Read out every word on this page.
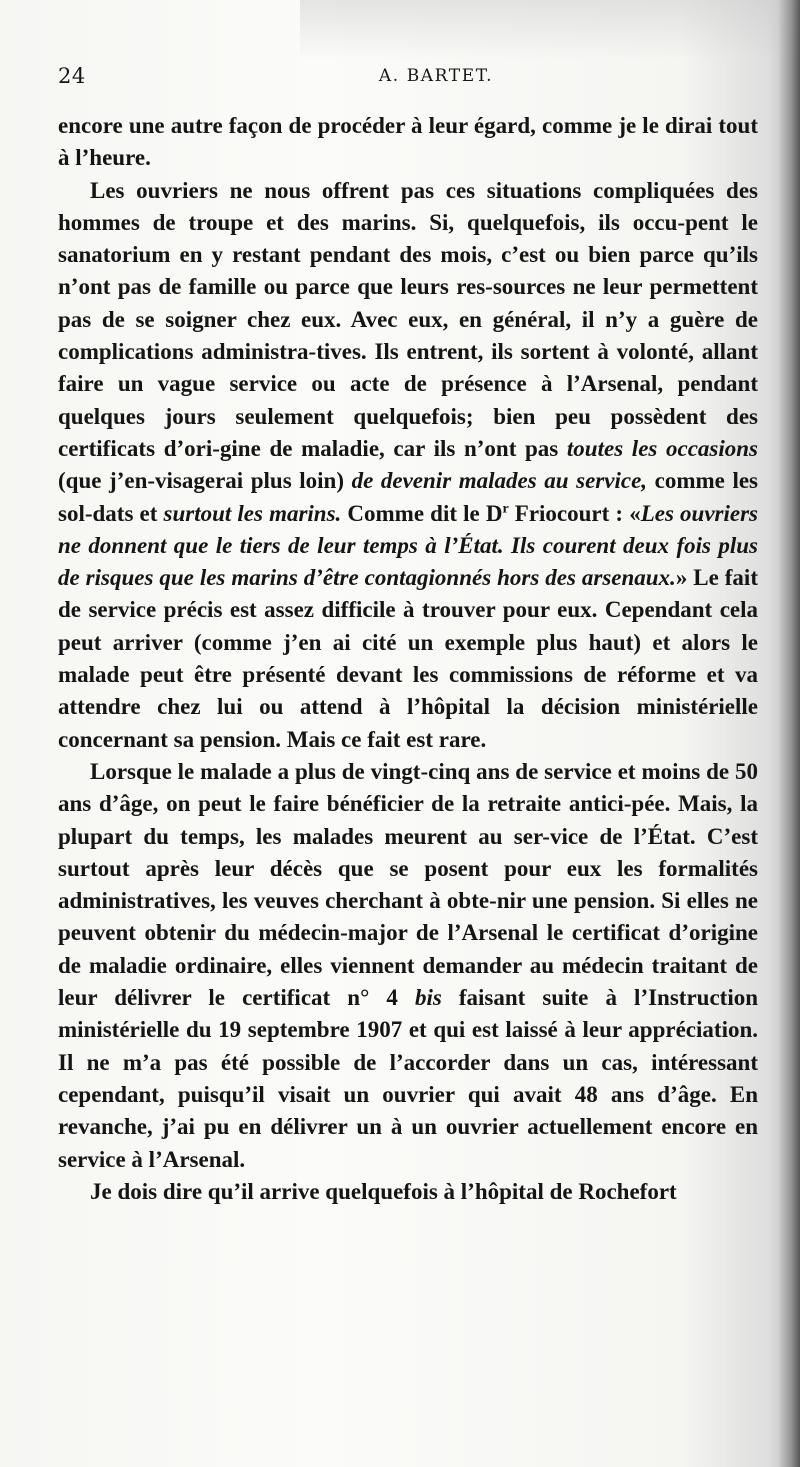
24	A. BARTET.

encore une autre façon de procéder à leur égard, comme je le dirai tout à l’heure.

Les ouvriers ne nous offrent pas ces situations compliquées des hommes de troupe et des marins. Si, quelquefois, ils occu-pent le sanatorium en y restant pendant des mois, c’est ou bien parce qu’ils n’ont pas de famille ou parce que leurs res-sources ne leur permettent pas de se soigner chez eux. Avec eux, en général, il n’y a guère de complications administra-tives. Ils entrent, ils sortent à volonté, allant faire un vague service ou acte de présence à l’Arsenal, pendant quelques jours seulement quelquefois; bien peu possèdent des certificats d’ori-gine de maladie, car ils n’ont pas toutes les occasions (que j’en-visagerai plus loin) de devenir malades au service, comme les sol-dats et surtout les marins. Comme dit le $D^r$ Friocourt : «Les ouvriers ne donnent que le tiers de leur temps à l’État. Ils courent deux fois plus de risques que les marins d’être contagionnés hors des arsenaux.» Le fait de service précis est assez difficile à trouver pour eux. Cependant cela peut arriver (comme j’en ai cité un exemple plus haut) et alors le malade peut être présenté devant les commissions de réforme et va attendre chez lui ou attend à l’hôpital la décision ministérielle concernant sa pension. Mais ce fait est rare.

Lorsque le malade a plus de vingt-cinq ans de service et moins de 50 ans d’âge, on peut le faire bénéficier de la retraite antici-pée. Mais, la plupart du temps, les malades meurent au ser-vice de l’État. C’est surtout après leur décès que se posent pour eux les formalités administratives, les veuves cherchant à obte-nir une pension. Si elles ne peuvent obtenir du médecin-major de l’Arsenal le certificat d’origine de maladie ordinaire, elles viennent demander au médecin traitant de leur délivrer le certificat n° 4 bis faisant suite à l’Instruction ministérielle du 19 septembre 1907 et qui est laissé à leur appréciation. Il ne m’a pas été possible de l’accorder dans un cas, intéressant cependant, puisqu’il visait un ouvrier qui avait 48 ans d’âge. En revanche, j’ai pu en délivrer un à un ouvrier actuellement encore en service à l’Arsenal.

Je dois dire qu’il arrive quelquefois à l’hôpital de Rochefort
